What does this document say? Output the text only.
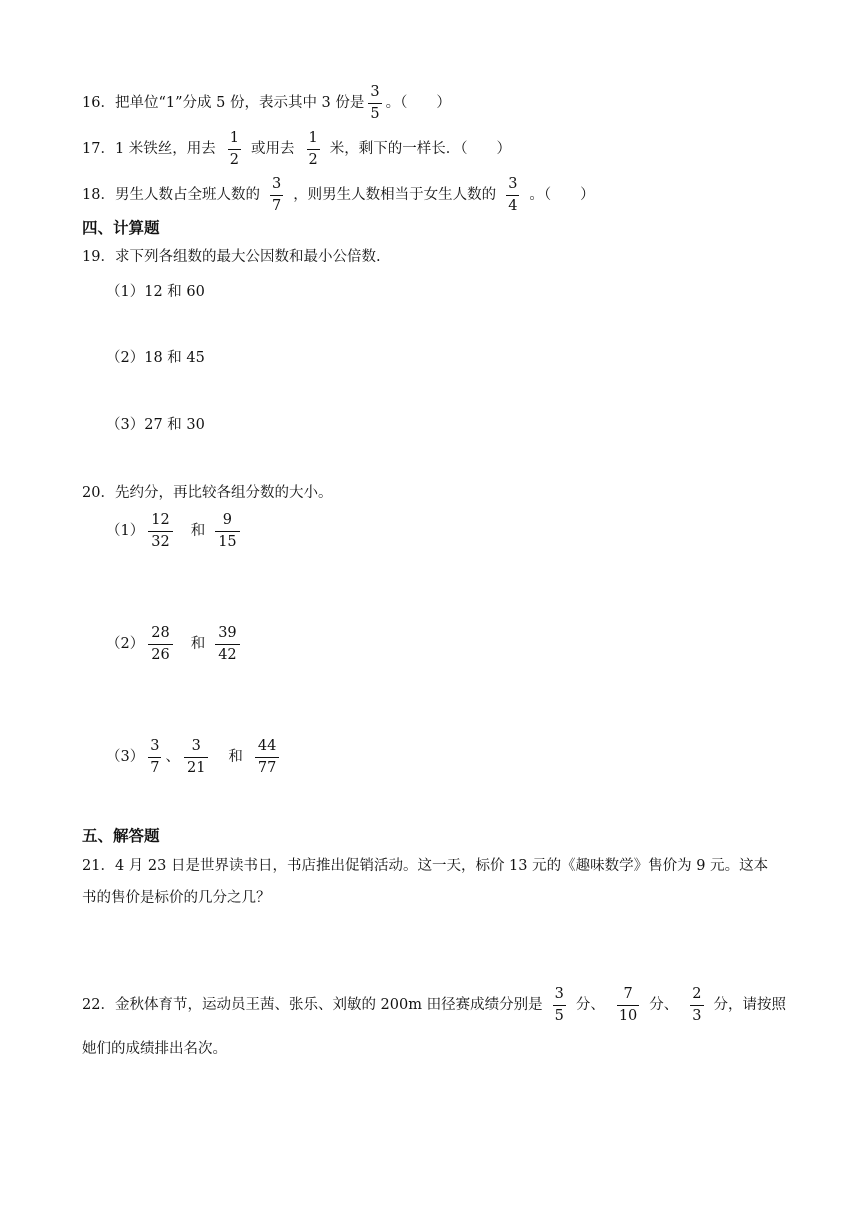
16．把单位“1”分成 5 份，表示其中 3 份是 $\frac{3}{5}$ 。（　　）
17．1 米铁丝，用去 $\frac{1}{2}$ 或用去 $\frac{1}{2}$ 米，剩下的一样长．（　　）
18．男生人数占全班人数的 $\frac{3}{7}$ ，则男生人数相当于女生人数的 $\frac{3}{4}$ 。（　　）
四、计算题
19．求下列各组数的最大公因数和最小公倍数.
（1）12 和 60
（2）18 和 45
（3）27 和 30
20．先约分，再比较各组分数的大小。
$(1) \frac{12}{32}$ 和 $\frac{9}{15}$
$(2) \frac{28}{26}$ 和 $\frac{39}{42}$
$(3) \frac{3}{7}$ 、 $\frac{3}{21}$ 和 $\frac{44}{77}$
五、解答题
21．4 月 23 日是世界读书日，书店推出促销活动。这一天，标价 13 元的《趣味数学》售价为 9 元。这本
书的售价是标价的几分之几？
22．金秋体育节，运动员王茜、张乐、刘敏的 200m 田径赛成绩分别是 $\frac{3}{5}$ 分、 $\frac{7}{10}$ 分、 $\frac{2}{3}$ 分，请按照
她们的成绩排出名次。
